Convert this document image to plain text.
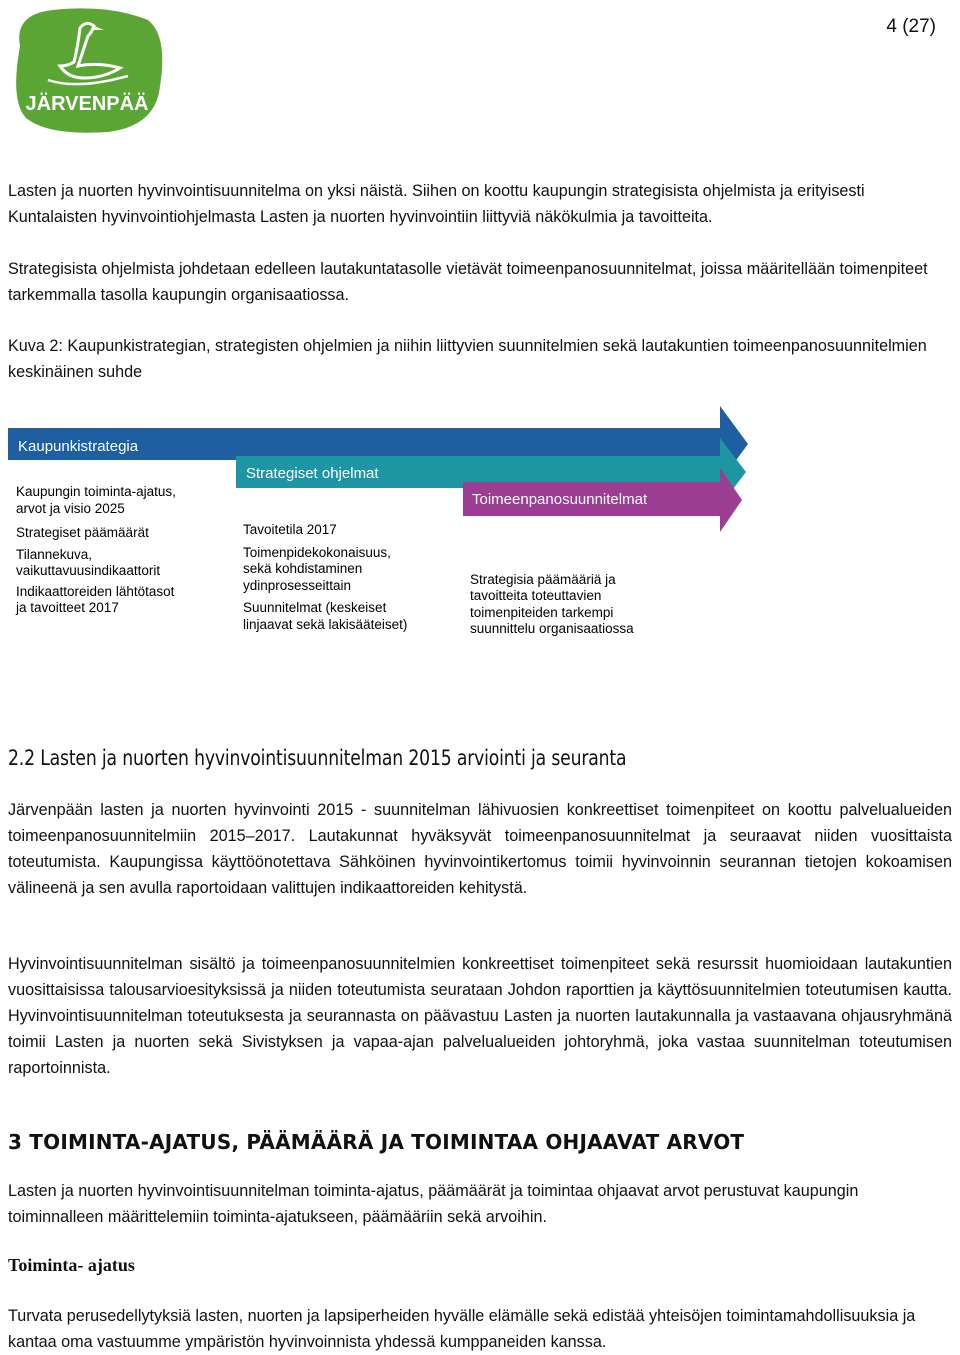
4 (27)
JÄRVENPÄÄ

Lasten ja nuorten hyvinvointisuunnitelma on yksi näistä. Siihen on koottu kaupungin strategisista ohjelmista ja erityisesti Kuntalaisten hyvinvointiohjelmasta Lasten ja nuorten hyvinvointiin liittyviä näkökulmia ja tavoitteita.

Strategisista ohjelmista johdetaan edelleen lautakuntatasolle vietävät toimeenpanosuunnitelmat, joissa määritellään toimenpiteet tarkemmalla tasolla kaupungin organisaatiossa.

Kuva 2: Kaupunkistrategian, strategisten ohjelmien ja niihin liittyvien suunnitelmien sekä lautakuntien toimeenpanosuunnitelmien keskinäinen suhde

Kaupunkistrategia
Strategiset ohjelmat
Toimeenpanosuunnitelmat
Kaupungin toiminta-ajatus,
arvot ja visio 2025
Strategiset päämäärät
Tilannekuva,
vaikuttavuusindikaattorit
Indikaattoreiden lähtötasot
ja tavoitteet 2017
Tavoitetila 2017
Toimenpidekokonaisuus,
sekä kohdistaminen
ydinprosesseittain
Suunnitelmat (keskeiset
linjaavat sekä lakisääteiset)
Strategisia päämääriä ja
tavoitteita toteuttavien
toimenpiteiden tarkempi
suunnittelu organisaatiossa
2.2 Lasten ja nuorten hyvinvointisuunnitelman 2015 arviointi ja seuranta

Järvenpään lasten ja nuorten hyvinvointi 2015 - suunnitelman lähivuosien konkreettiset toimenpiteet on koottu palvelualueiden toimeenpanosuunnitelmiin 2015–2017. Lautakunnat hyväksyvät toimeenpanosuunnitelmat ja seuraavat niiden vuosittaista toteutumista. Kaupungissa käyttöönotettava Sähköinen hyvinvointikertomus toimii hyvinvoinnin seurannan tietojen kokoamisen välineenä ja sen avulla raportoidaan valittujen indikaattoreiden kehitystä.

Hyvinvointisuunnitelman sisältö ja toimeenpanosuunnitelmien konkreettiset toimenpiteet sekä resurssit huomioidaan lautakuntien vuosittaisissa talousarvioesityksissä ja niiden toteutumista seurataan Johdon raporttien ja käyttösuunnitelmien toteutumisen kautta. Hyvinvointisuunnitelman toteutuksesta ja seurannasta on päävastuu Lasten ja nuorten lautakunnalla ja vastaavana ohjausryhmänä toimii Lasten ja nuorten sekä Sivistyksen ja vapaa-ajan palvelualueiden johtoryhmä, joka vastaa suunnitelman toteutumisen raportoinnista.

3 TOIMINTA-AJATUS, PÄÄMÄÄRÄ JA TOIMINTAA OHJAAVAT ARVOT

Lasten ja nuorten hyvinvointisuunnitelman toiminta-ajatus, päämäärät ja toimintaa ohjaavat arvot perustuvat kaupungin toiminnalleen määrittelemiin toiminta-ajatukseen, päämääriin sekä arvoihin.

Toiminta- ajatus

Turvata perusedellytyksiä lasten, nuorten ja lapsiperheiden hyvälle elämälle sekä edistää yhteisöjen toimintamahdollisuuksia ja kantaa oma vastuumme ympäristön hyvinvoinnista yhdessä kumppaneiden kanssa.
